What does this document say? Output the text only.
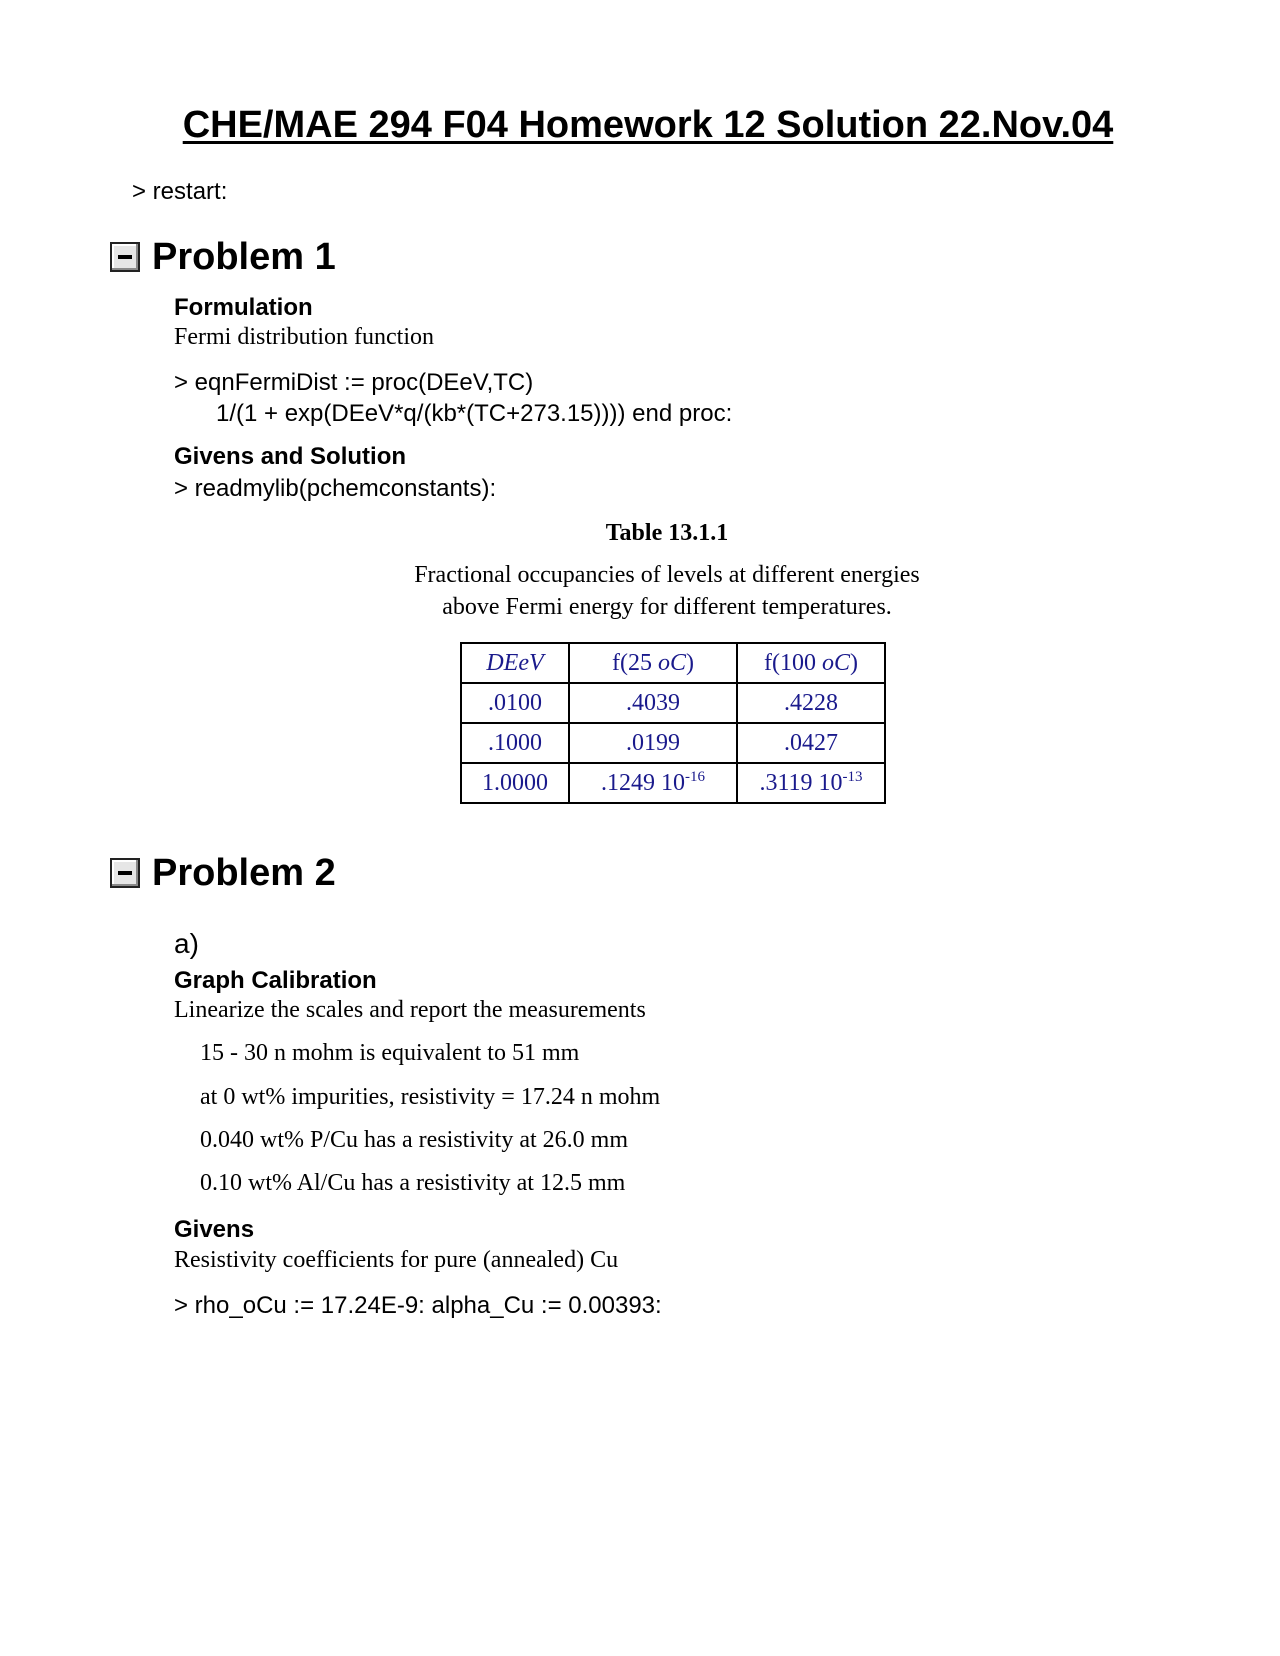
CHE/MAE 294 F04 Homework 12 Solution 22.Nov.04
> restart:
Problem 1
Formulation
Fermi distribution function
> eqnFermiDist := proc(DEeV,TC)
1/(1 + exp(DEeV*q/(kb*(TC+273.15)))) end proc:
Givens and Solution
> readmylib(pchemconstants):
Table 13.1.1
Fractional occupancies of levels at different energies
above Fermi energy for different temperatures.
DEeV	f(25 oC)	f(100 oC)
.0100	.4039	.4228
.1000	.0199	.0427
1.0000	.1249 $10^{-16}$	.3119 $10^{-13}$
Problem 2
a)
Graph Calibration
Linearize the scales and report the measurements
15 - 30 n mohm is equivalent to 51 mm
at 0 wt% impurities, resistivity = 17.24 n mohm
0.040 wt% P/Cu has a resistivity at 26.0 mm
0.10 wt% Al/Cu has a resistivity at 12.5 mm
Givens
Resistivity coefficients for pure (annealed) Cu
> rho_oCu := 17.24E-9: alpha_Cu := 0.00393:
